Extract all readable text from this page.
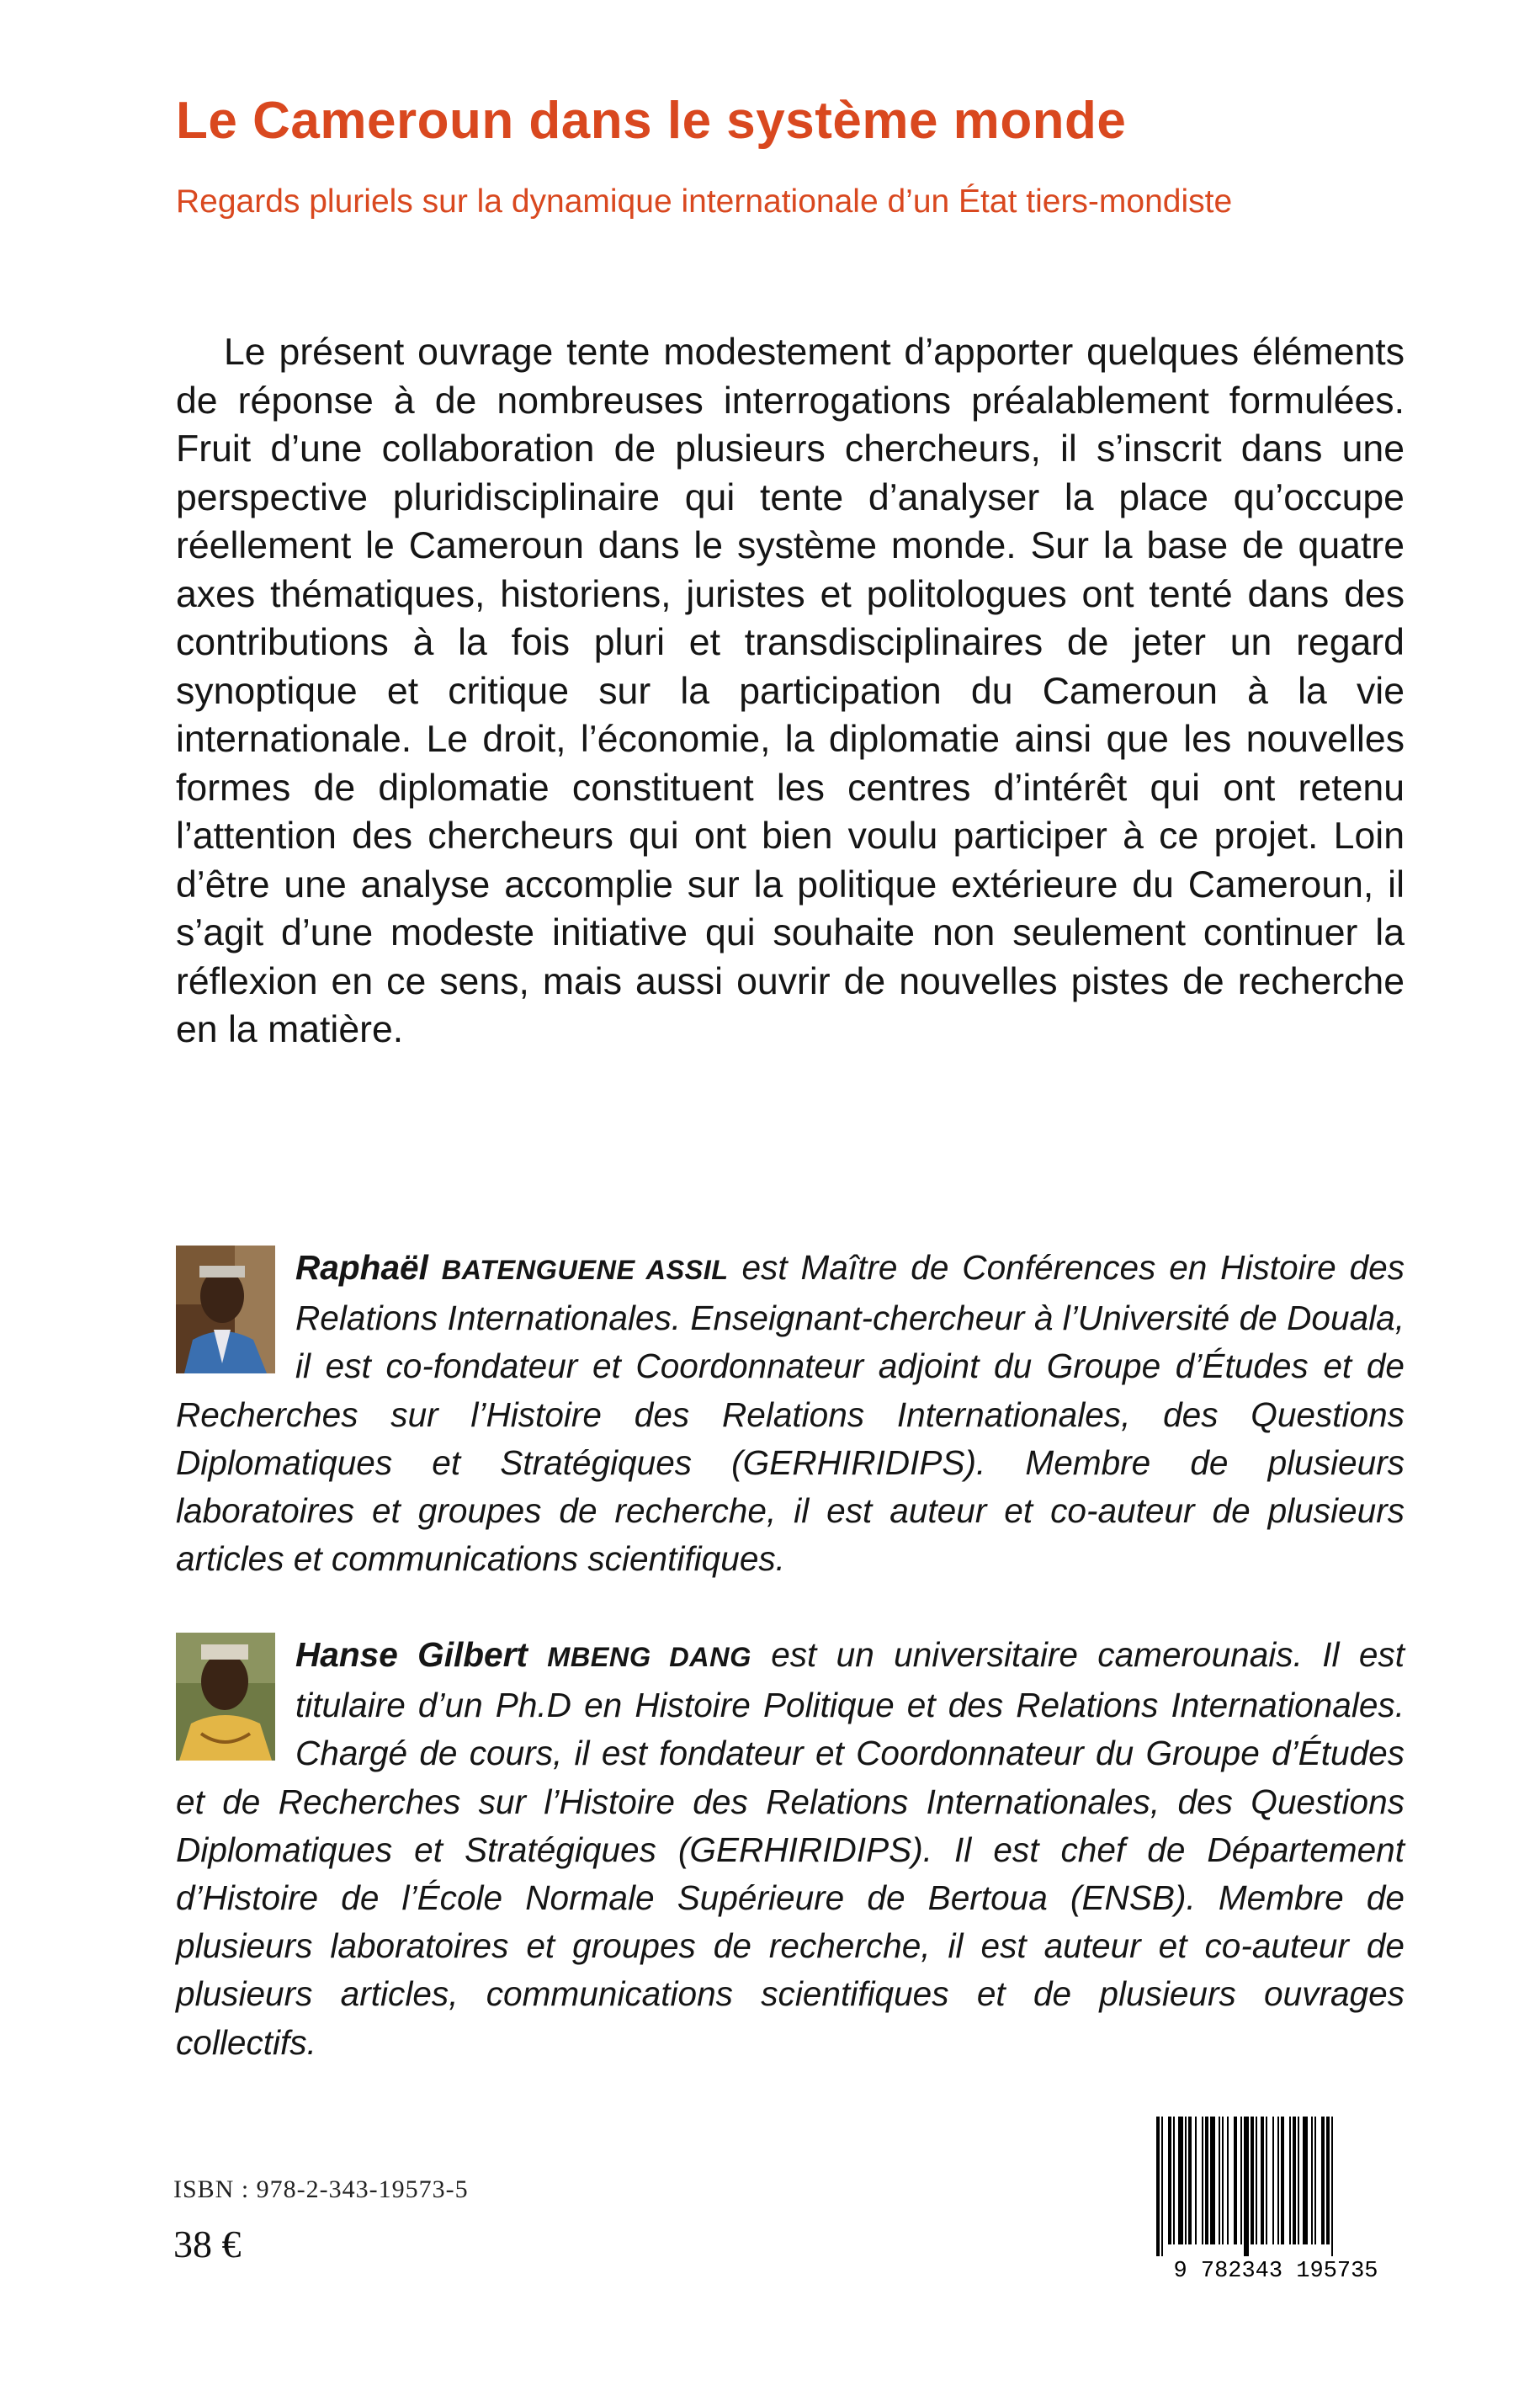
Le Cameroun dans le système monde

Regards pluriels sur la dynamique internationale d’un État tiers-mondiste

Le présent ouvrage tente modestement d’apporter quelques éléments de réponse à de nombreuses interrogations préalablement formulées. Fruit d’une collaboration de plusieurs chercheurs, il s’inscrit dans une perspective pluridisciplinaire qui tente d’analyser la place qu’occupe réellement le Cameroun dans le système monde. Sur la base de quatre axes thématiques, historiens, juristes et politologues ont tenté dans des contributions à la fois pluri et transdisciplinaires de jeter un regard synoptique et critique sur la participation du Cameroun à la vie internationale. Le droit, l’économie, la diplomatie ainsi que les nouvelles formes de diplomatie constituent les centres d’intérêt qui ont retenu l’attention des chercheurs qui ont bien voulu participer à ce projet. Loin d’être une analyse accomplie sur la politique extérieure du Cameroun, il s’agit d’une modeste initiative qui souhaite non seulement continuer la réflexion en ce sens, mais aussi ouvrir de nouvelles pistes de recherche en la matière.

Raphaël BATENGUENE ASSIL est Maître de Conférences en Histoire des Relations Internationales. Enseignant-chercheur à l’Université de Douala, il est co-fondateur et Coordonnateur adjoint du Groupe d’Études et de Recherches sur l’Histoire des Relations Internationales, des Questions Diplomatiques et Stratégiques (GERHIRIDIPS). Membre de plusieurs laboratoires et groupes de recherche, il est auteur et co-auteur de plusieurs articles et communications scientifiques.

Hanse Gilbert MBENG DANG est un universitaire camerounais. Il est titulaire d’un Ph.D en Histoire Politique et des Relations Internationales. Chargé de cours, il est fondateur et Coordonnateur du Groupe d’Études et de Recherches sur l’Histoire des Relations Internationales, des Questions Diplomatiques et Stratégiques (GERHIRIDIPS). Il est chef de Département d’Histoire de l’École Normale Supérieure de Bertoua (ENSB). Membre de plusieurs laboratoires et groupes de recherche, il est auteur et co-auteur de plusieurs articles, communications scientifiques et de plusieurs ouvrages collectifs.

ISBN : 978-2-343-19573-5
38 €
9 782343 195735
